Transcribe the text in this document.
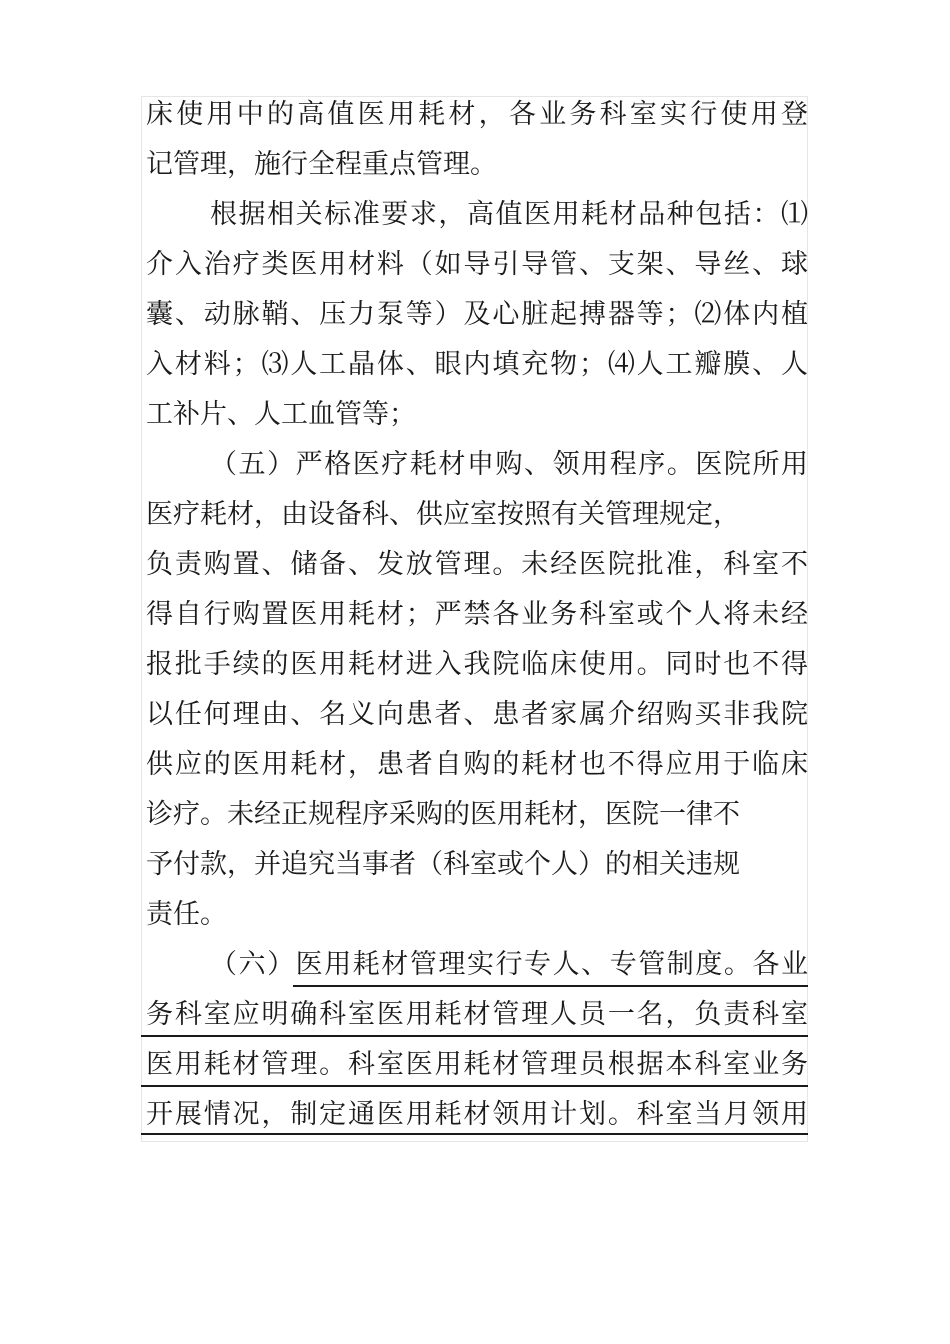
床使用中的高值医用耗材，各业务科室实行使用登
记管理，施行全程重点管理。
根据相关标准要求，高值医用耗材品种包括：⑴
介入治疗类医用材料（如导引导管、支架、导丝、球
囊、动脉鞘、压力泵等）及心脏起搏器等；⑵体内植
入材料；⑶人工晶体、眼内填充物；⑷人工瓣膜、人
工补片、人工血管等；
（五）严格医疗耗材申购、领用程序。医院所用
医疗耗材，由设备科、供应室按照有关管理规定，
负责购置、储备、发放管理。未经医院批准，科室不
得自行购置医用耗材；严禁各业务科室或个人将未经
报批手续的医用耗材进入我院临床使用。同时也不得
以任何理由、名义向患者、患者家属介绍购买非我院
供应的医用耗材，患者自购的耗材也不得应用于临床
诊疗。未经正规程序采购的医用耗材，医院一律不
予付款，并追究当事者（科室或个人）的相关违规
责任。
（六）医用耗材管理实行专人、专管制度。各业
务科室应明确科室医用耗材管理人员一名，负责科室
医用耗材管理。科室医用耗材管理员根据本科室业务
开展情况，制定通医用耗材领用计划。科室当月领用
